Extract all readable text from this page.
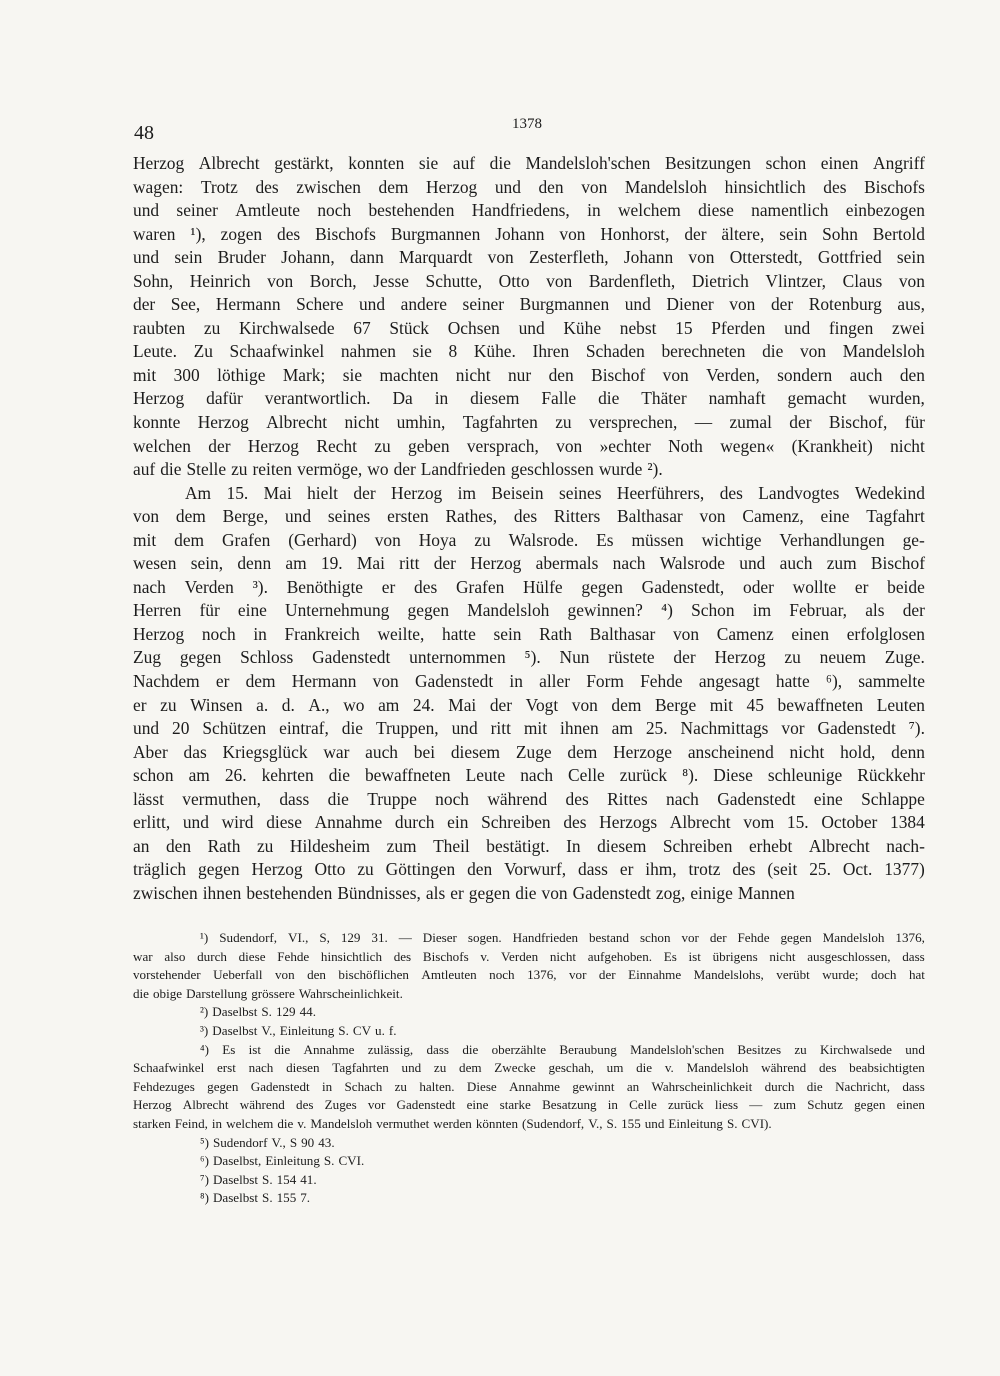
48	1378
Herzog Albrecht gestärkt, konnten sie auf die Mandelsloh'schen Besitzungen schon einen Angriff
wagen: Trotz des zwischen dem Herzog und den von Mandelsloh hinsichtlich des Bischofs
und seiner Amtleute noch bestehenden Handfriedens, in welchem diese namentlich einbezogen
waren ¹), zogen des Bischofs Burgmannen Johann von Honhorst, der ältere, sein Sohn Bertold
und sein Bruder Johann, dann Marquardt von Zesterfleth, Johann von Otterstedt, Gottfried sein
Sohn, Heinrich von Borch, Jesse Schutte, Otto von Bardenfleth, Dietrich Vlintzer, Claus von
der See, Hermann Schere und andere seiner Burgmannen und Diener von der Rotenburg aus,
raubten zu Kirchwalsede 67 Stück Ochsen und Kühe nebst 15 Pferden und fingen zwei
Leute. Zu Schaafwinkel nahmen sie 8 Kühe. Ihren Schaden berechneten die von Mandelsloh
mit 300 löthige Mark; sie machten nicht nur den Bischof von Verden, sondern auch den
Herzog dafür verantwortlich. Da in diesem Falle die Thäter namhaft gemacht wurden,
konnte Herzog Albrecht nicht umhin, Tagfahrten zu versprechen, — zumal der Bischof, für
welchen der Herzog Recht zu geben versprach, von »echter Noth wegen« (Krankheit) nicht
auf die Stelle zu reiten vermöge, wo der Landfrieden geschlossen wurde ²).
Am 15. Mai hielt der Herzog im Beisein seines Heerführers, des Landvogtes Wedekind
von dem Berge, und seines ersten Rathes, des Ritters Balthasar von Camenz, eine Tagfahrt
mit dem Grafen (Gerhard) von Hoya zu Walsrode. Es müssen wichtige Verhandlungen ge-
wesen sein, denn am 19. Mai ritt der Herzog abermals nach Walsrode und auch zum Bischof
nach Verden ³). Benöthigte er des Grafen Hülfe gegen Gadenstedt, oder wollte er beide
Herren für eine Unternehmung gegen Mandelsloh gewinnen? ⁴) Schon im Februar, als der
Herzog noch in Frankreich weilte, hatte sein Rath Balthasar von Camenz einen erfolglosen
Zug gegen Schloss Gadenstedt unternommen ⁵). Nun rüstete der Herzog zu neuem Zuge.
Nachdem er dem Hermann von Gadenstedt in aller Form Fehde angesagt hatte ⁶), sammelte
er zu Winsen a. d. A., wo am 24. Mai der Vogt von dem Berge mit 45 bewaffneten Leuten
und 20 Schützen eintraf, die Truppen, und ritt mit ihnen am 25. Nachmittags vor Gadenstedt ⁷).
Aber das Kriegsglück war auch bei diesem Zuge dem Herzoge anscheinend nicht hold, denn
schon am 26. kehrten die bewaffneten Leute nach Celle zurück ⁸). Diese schleunige Rückkehr
lässt vermuthen, dass die Truppe noch während des Rittes nach Gadenstedt eine Schlappe
erlitt, und wird diese Annahme durch ein Schreiben des Herzogs Albrecht vom 15. October 1384
an den Rath zu Hildesheim zum Theil bestätigt. In diesem Schreiben erhebt Albrecht nach-
träglich gegen Herzog Otto zu Göttingen den Vorwurf, dass er ihm, trotz des (seit 25. Oct. 1377)
zwischen ihnen bestehenden Bündnisses, als er gegen die von Gadenstedt zog, einige Mannen
¹) Sudendorf, VI., S, 129 31. — Dieser sogen. Handfrieden bestand schon vor der Fehde gegen Mandelsloh 1376,
war also durch diese Fehde hinsichtlich des Bischofs v. Verden nicht aufgehoben. Es ist übrigens nicht ausgeschlossen, dass
vorstehender Ueberfall von den bischöflichen Amtleuten noch 1376, vor der Einnahme Mandelslohs, verübt wurde; doch hat
die obige Darstellung grössere Wahrscheinlichkeit.
²) Daselbst S. 129 44.
³) Daselbst V., Einleitung S. CV u. f.
⁴) Es ist die Annahme zulässig, dass die oberzählte Beraubung Mandelsloh'schen Besitzes zu Kirchwalsede und
Schaafwinkel erst nach diesen Tagfahrten und zu dem Zwecke geschah, um die v. Mandelsloh während des beabsichtigten
Fehdezuges gegen Gadenstedt in Schach zu halten. Diese Annahme gewinnt an Wahrscheinlichkeit durch die Nachricht, dass
Herzog Albrecht während des Zuges vor Gadenstedt eine starke Besatzung in Celle zurück liess — zum Schutz gegen einen
starken Feind, in welchem die v. Mandelsloh vermuthet werden könnten (Sudendorf, V., S. 155 und Einleitung S. CVI).
⁵) Sudendorf V., S 90 43.
⁶) Daselbst, Einleitung S. CVI.
⁷) Daselbst S. 154 41.
⁸) Daselbst S. 155 7.
